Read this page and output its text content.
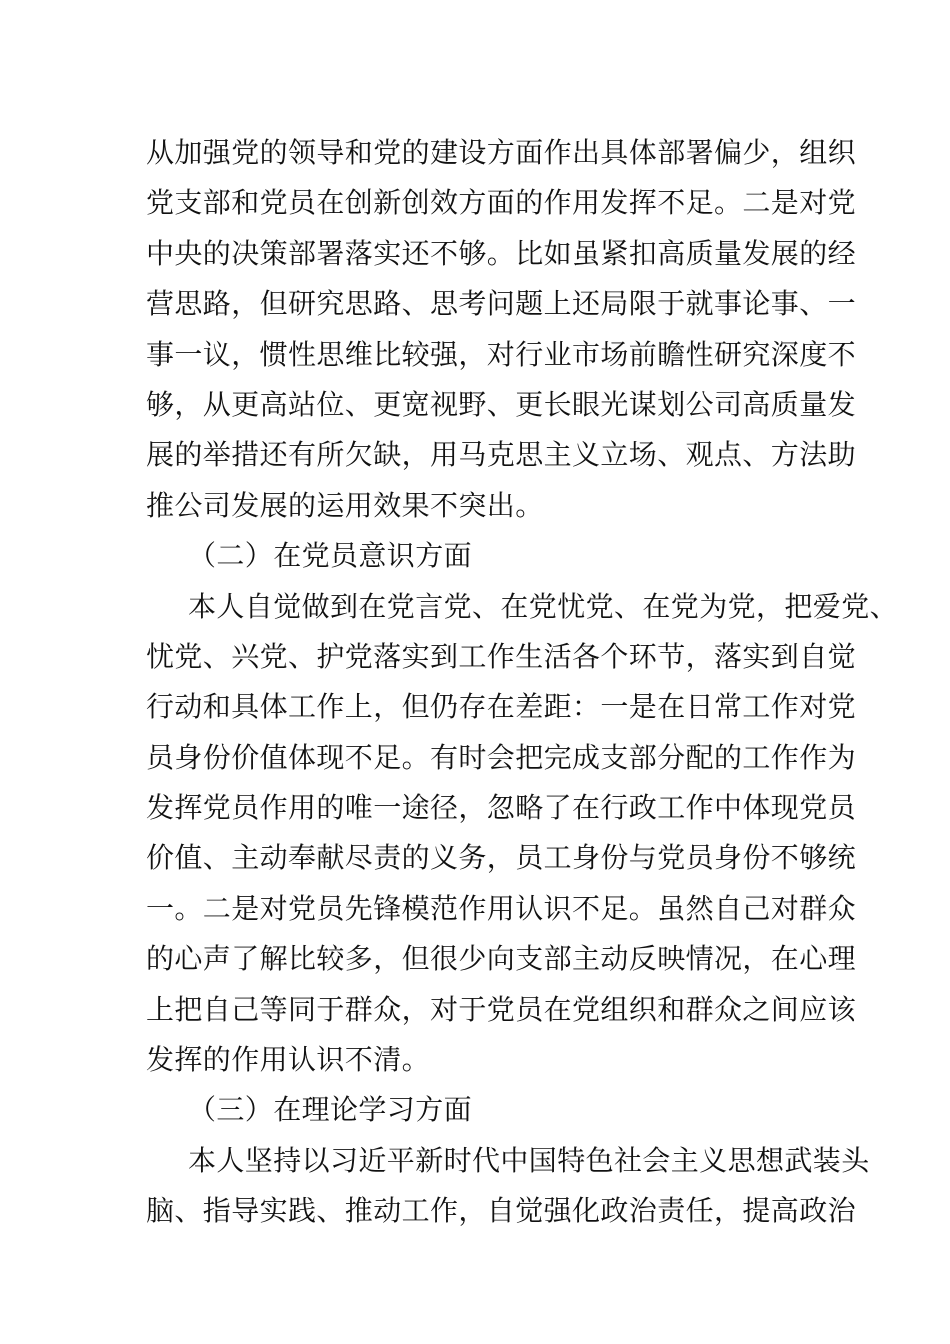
从加强党的领导和党的建设方面作出具体部署偏少，组织
党支部和党员在创新创效方面的作用发挥不足。二是对党
中央的决策部署落实还不够。比如虽紧扣高质量发展的经
营思路，但研究思路、思考问题上还局限于就事论事、一
事一议，惯性思维比较强，对行业市场前瞻性研究深度不
够，从更高站位、更宽视野、更长眼光谋划公司高质量发
展的举措还有所欠缺，用马克思主义立场、观点、方法助
推公司发展的运用效果不突出。
（二）在党员意识方面
本人自觉做到在党言党、在党忧党、在党为党，把爱党、
忧党、兴党、护党落实到工作生活各个环节，落实到自觉
行动和具体工作上，但仍存在差距：一是在日常工作对党
员身份价值体现不足。有时会把完成支部分配的工作作为
发挥党员作用的唯一途径，忽略了在行政工作中体现党员
价值、主动奉献尽责的义务，员工身份与党员身份不够统
一。二是对党员先锋模范作用认识不足。虽然自己对群众
的心声了解比较多，但很少向支部主动反映情况，在心理
上把自己等同于群众，对于党员在党组织和群众之间应该
发挥的作用认识不清。
（三）在理论学习方面
本人坚持以习近平新时代中国特色社会主义思想武装头
脑、指导实践、推动工作，自觉强化政治责任，提高政治
